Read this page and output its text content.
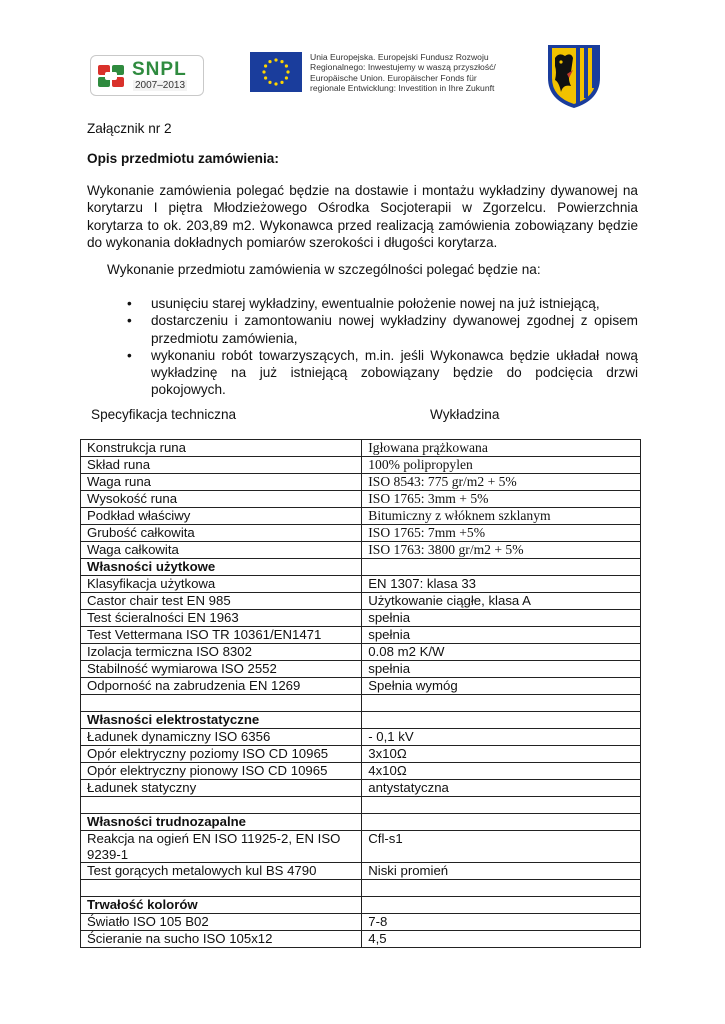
SNPL
2007–2013
Unia Europejska. Europejski Fundusz Rozwoju
Regionalnego: Inwestujemy w waszą przyszłość/
Europäische Union. Europäischer Fonds für
regionale Entwicklung: Investition in Ihre Zukunft
Załącznik nr 2
Opis przedmiotu zamówienia:
Wykonanie zamówienia polegać będzie na dostawie i montażu wykładziny dywanowej na korytarzu I piętra Młodzieżowego Ośrodka Socjoterapii w Zgorzelcu. Powierzchnia korytarza to ok. 203,89 m2. Wykonawca przed realizacją zamówienia zobowiązany będzie do wykonania dokładnych pomiarów szerokości i długości korytarza.
Wykonanie przedmiotu zamówienia w szczególności polegać będzie na:
• usunięciu starej wykładziny, ewentualnie położenie nowej na już istniejącą,
• dostarczeniu i zamontowaniu nowej wykładziny dywanowej zgodnej z opisem przedmiotu zamówienia,
• wykonaniu robót towarzyszących, m.in. jeśli Wykonawca będzie układał nową wykładzinę na już istniejącą zobowiązany będzie do podcięcia drzwi pokojowych.
Specyfikacja techniczna	Wykładzina
Konstrukcja runa	Igłowana prążkowana
Skład runa	100% polipropylen
Waga runa	ISO 8543: 775 gr/m2 + 5%
Wysokość runa	ISO 1765: 3mm + 5%
Podkład właściwy	Bitumiczny z włóknem szklanym
Grubość całkowita	ISO 1765: 7mm +5%
Waga całkowita	ISO 1763: 3800 gr/m2 + 5%
Własności użytkowe	
Klasyfikacja użytkowa	EN 1307: klasa 33
Castor chair test EN 985	Użytkowanie ciągłe, klasa A
Test ścieralności EN 1963	spełnia
Test Vettermana ISO TR 10361/EN1471	spełnia
Izolacja termiczna ISO 8302	0.08 m2 K/W
Stabilność wymiarowa ISO 2552	spełnia
Odporność na zabrudzenia EN 1269	Spełnia wymóg

Własności elektrostatyczne	
Ładunek dynamiczny ISO 6356	- 0,1 kV
Opór elektryczny poziomy ISO CD 10965	3x10Ω
Opór elektryczny pionowy ISO CD 10965	4x10Ω
Ładunek statyczny	antystatyczna

Własności trudnozapalne	
Reakcja na ogień EN ISO 11925-2, EN ISO 9239-1	Cfl-s1
Test gorących metalowych kul BS 4790	Niski promień

Trwałość kolorów	
Światło ISO 105 B02	7-8
Ścieranie na sucho ISO 105x12	4,5
